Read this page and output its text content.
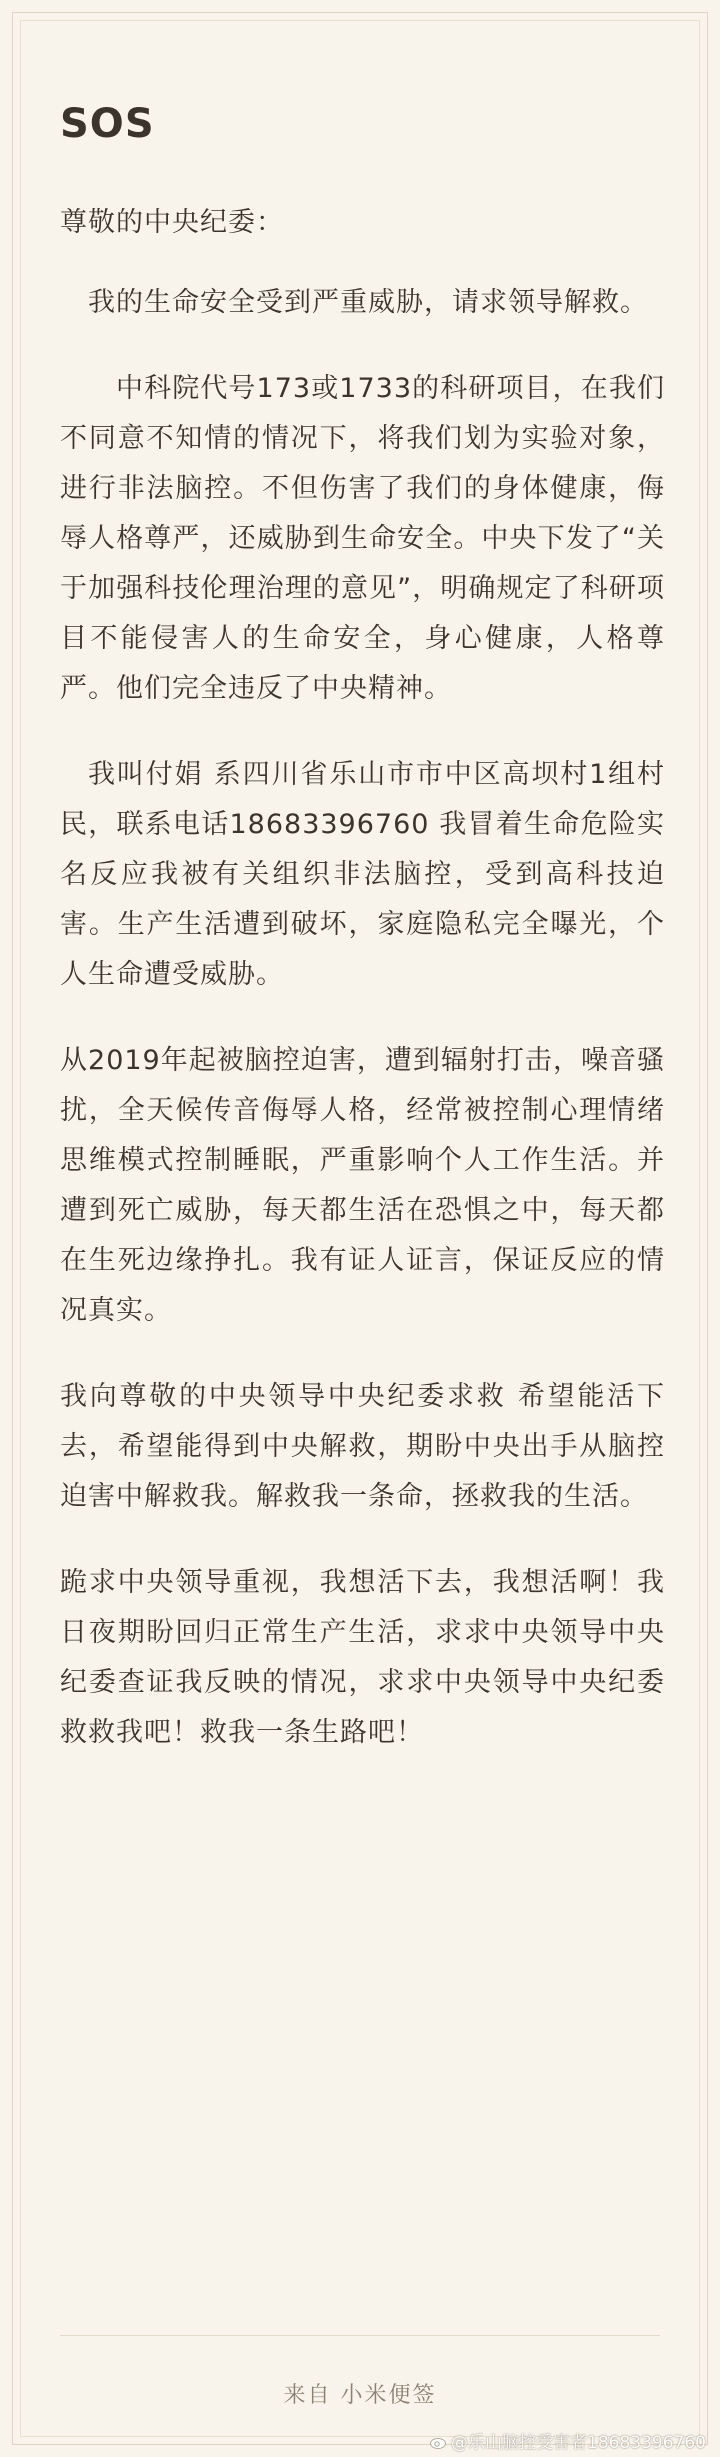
SOS
尊敬的中央纪委：
我的生命安全受到严重威胁，请求领导解救。
中科院代号173或1733的科研项目，在我们不同意不知情的情况下，将我们划为实验对象，进行非法脑控。不但伤害了我们的身体健康，侮辱人格尊严，还威胁到生命安全。中央下发了“关于加强科技伦理治理的意见”，明确规定了科研项目不能侵害人的生命安全，身心健康，人格尊严。他们完全违反了中央精神。
我叫付娟 系四川省乐山市市中区高坝村1组村民，联系电话18683396760 我冒着生命危险实名反应我被有关组织非法脑控，受到高科技迫害。生产生活遭到破坏，家庭隐私完全曝光，个人生命遭受威胁。
从2019年起被脑控迫害，遭到辐射打击，噪音骚扰，全天候传音侮辱人格，经常被控制心理情绪思维模式控制睡眠，严重影响个人工作生活。并遭到死亡威胁，每天都生活在恐惧之中，每天都在生死边缘挣扎。我有证人证言，保证反应的情况真实。
我向尊敬的中央领导中央纪委求救 希望能活下去，希望能得到中央解救，期盼中央出手从脑控迫害中解救我。解救我一条命，拯救我的生活。
跪求中央领导重视，我想活下去，我想活啊！我日夜期盼回归正常生产生活，求求中央领导中央纪委查证我反映的情况，求求中央领导中央纪委救救我吧！救我一条生路吧！
来自 小米便签
@乐山脑控受害者18683396760
